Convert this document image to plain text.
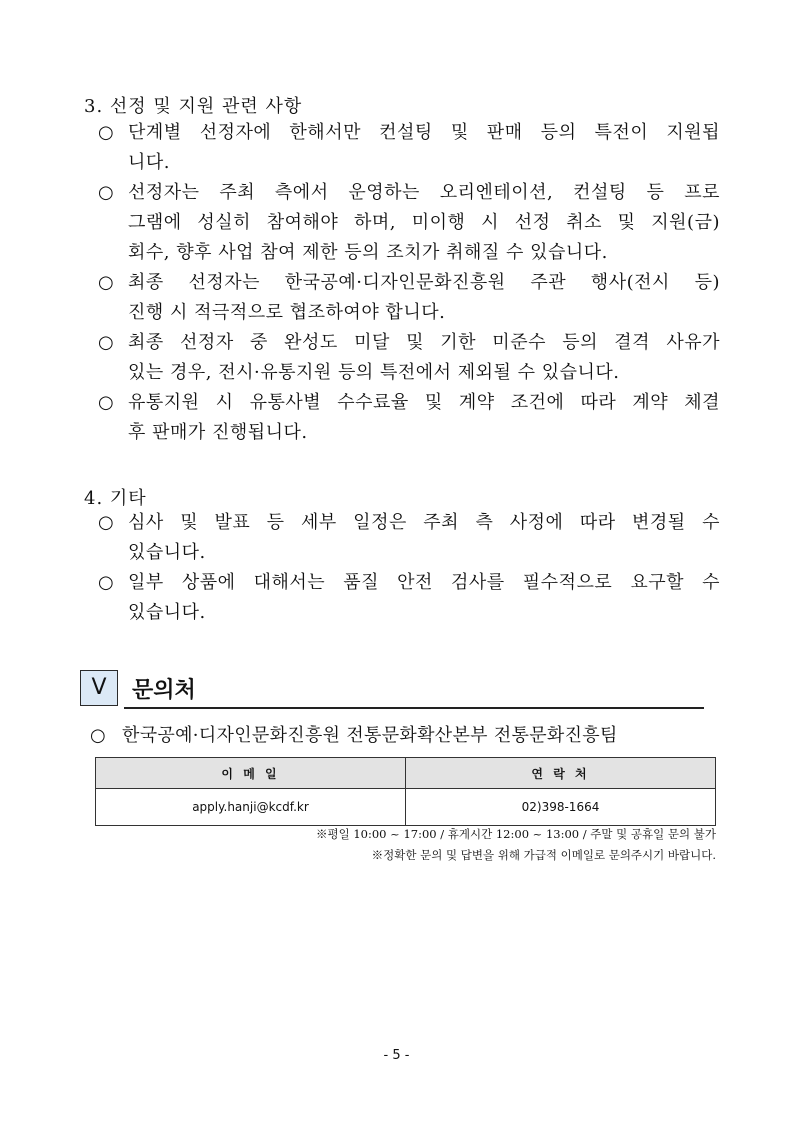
3. 선정 및 지원 관련 사항
○ 단계별 선정자에 한해서만 컨설팅 및 판매 등의 특전이 지원됩
니다.
○ 선정자는 주최 측에서 운영하는 오리엔테이션, 컨설팅 등 프로
그램에 성실히 참여해야 하며, 미이행 시 선정 취소 및 지원(금)
회수, 향후 사업 참여 제한 등의 조치가 취해질 수 있습니다.
○ 최종 선정자는 한국공예·디자인문화진흥원 주관 행사(전시 등)
진행 시 적극적으로 협조하여야 합니다.
○ 최종 선정자 중 완성도 미달 및 기한 미준수 등의 결격 사유가
있는 경우, 전시·유통지원 등의 특전에서 제외될 수 있습니다.
○ 유통지원 시 유통사별 수수료율 및 계약 조건에 따라 계약 체결
후 판매가 진행됩니다.
4. 기타
○ 심사 및 발표 등 세부 일정은 주최 측 사정에 따라 변경될 수
있습니다.
○ 일부 상품에 대해서는 품질 안전 검사를 필수적으로 요구할 수
있습니다.
Ⅴ	문의처
○ 한국공예·디자인문화진흥원 전통문화확산본부 전통문화진흥팀
이 메 일	연 락 처
apply.hanji@kcdf.kr	02)398-1664
※평일 10:00 ~ 17:00 / 휴게시간 12:00 ~ 13:00 / 주말 및 공휴일 문의 불가
※정확한 문의 및 답변을 위해 가급적 이메일로 문의주시기 바랍니다.
- 5 -
